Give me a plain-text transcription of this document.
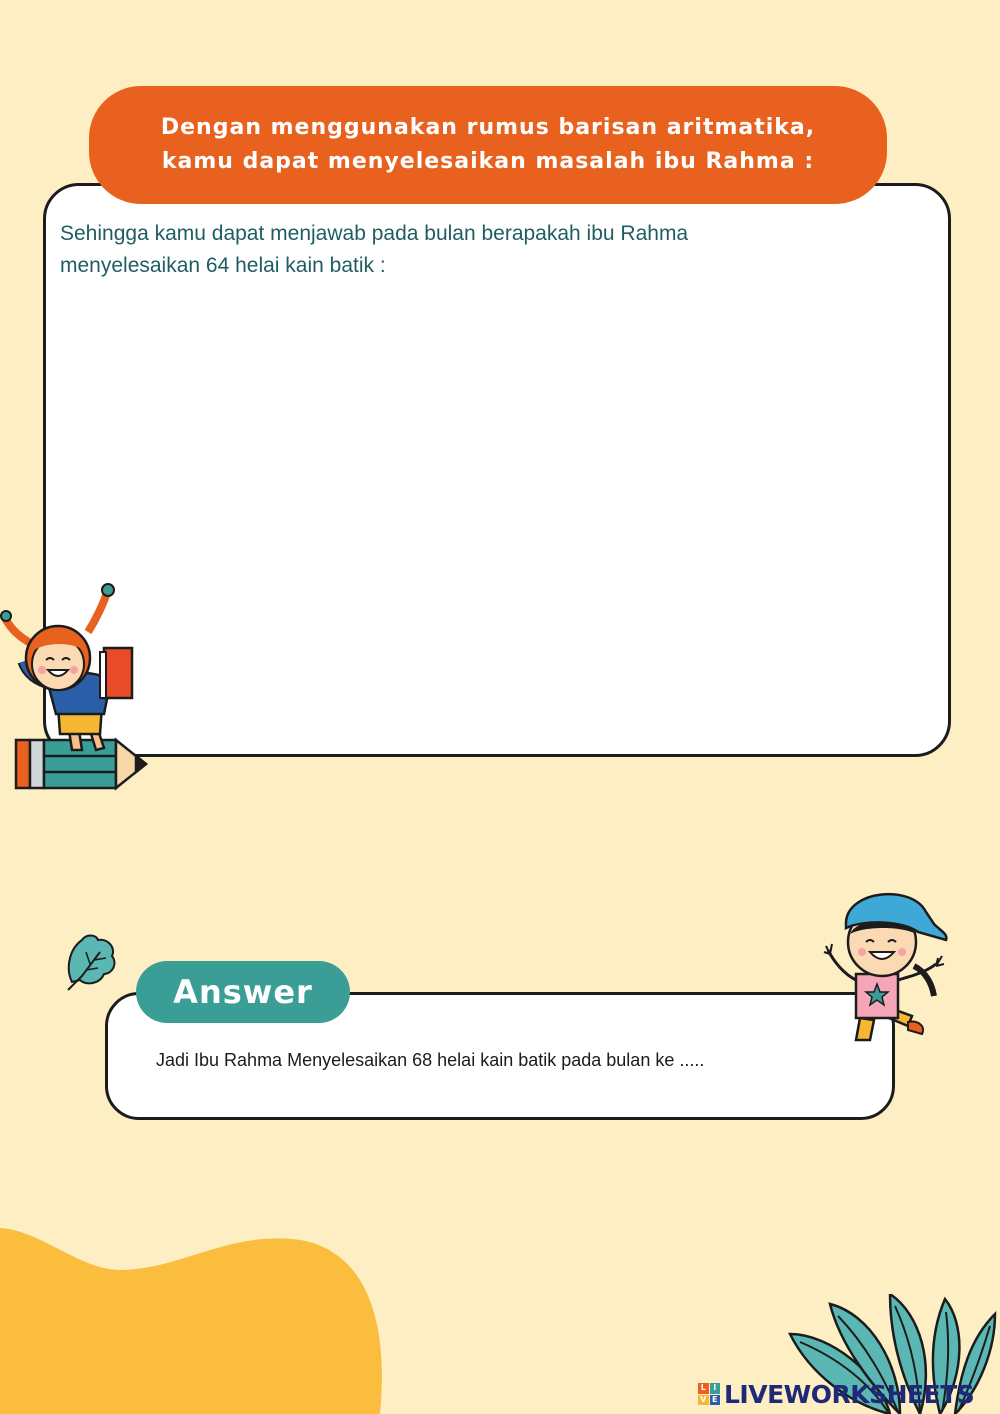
Dengan menggunakan rumus barisan aritmatika,
kamu dapat menyelesaikan masalah ibu Rahma :
Sehingga kamu dapat menjawab pada bulan berapakah ibu Rahma
menyelesaikan 64 helai kain batik :
Answer
Jadi Ibu Rahma Menyelesaikan 68 helai kain batik pada bulan ke .....
L I
V E LIVEWORKSHEETS
